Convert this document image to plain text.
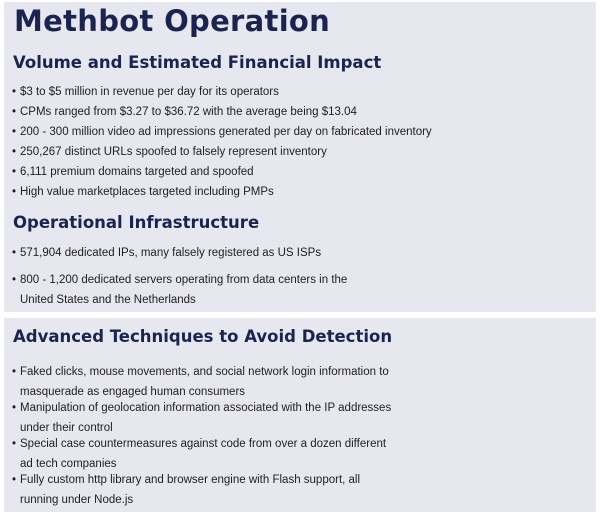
Methbot Operation
Volume and Estimated Financial Impact
• $3 to $5 million in revenue per day for its operators
• CPMs ranged from $3.27 to $36.72 with the average being $13.04
• 200 - 300 million video ad impressions generated per day on fabricated inventory
• 250,267 distinct URLs spoofed to falsely represent inventory
• 6,111 premium domains targeted and spoofed
• High value marketplaces targeted including PMPs
Operational Infrastructure
• 571,904 dedicated IPs, many falsely registered as US ISPs
• 800 - 1,200 dedicated servers operating from data centers in the
United States and the Netherlands
Advanced Techniques to Avoid Detection
• Faked clicks, mouse movements, and social network login information to
masquerade as engaged human consumers
• Manipulation of geolocation information associated with the IP addresses
under their control
• Special case countermeasures against code from over a dozen different
ad tech companies
• Fully custom http library and browser engine with Flash support, all
running under Node.js
